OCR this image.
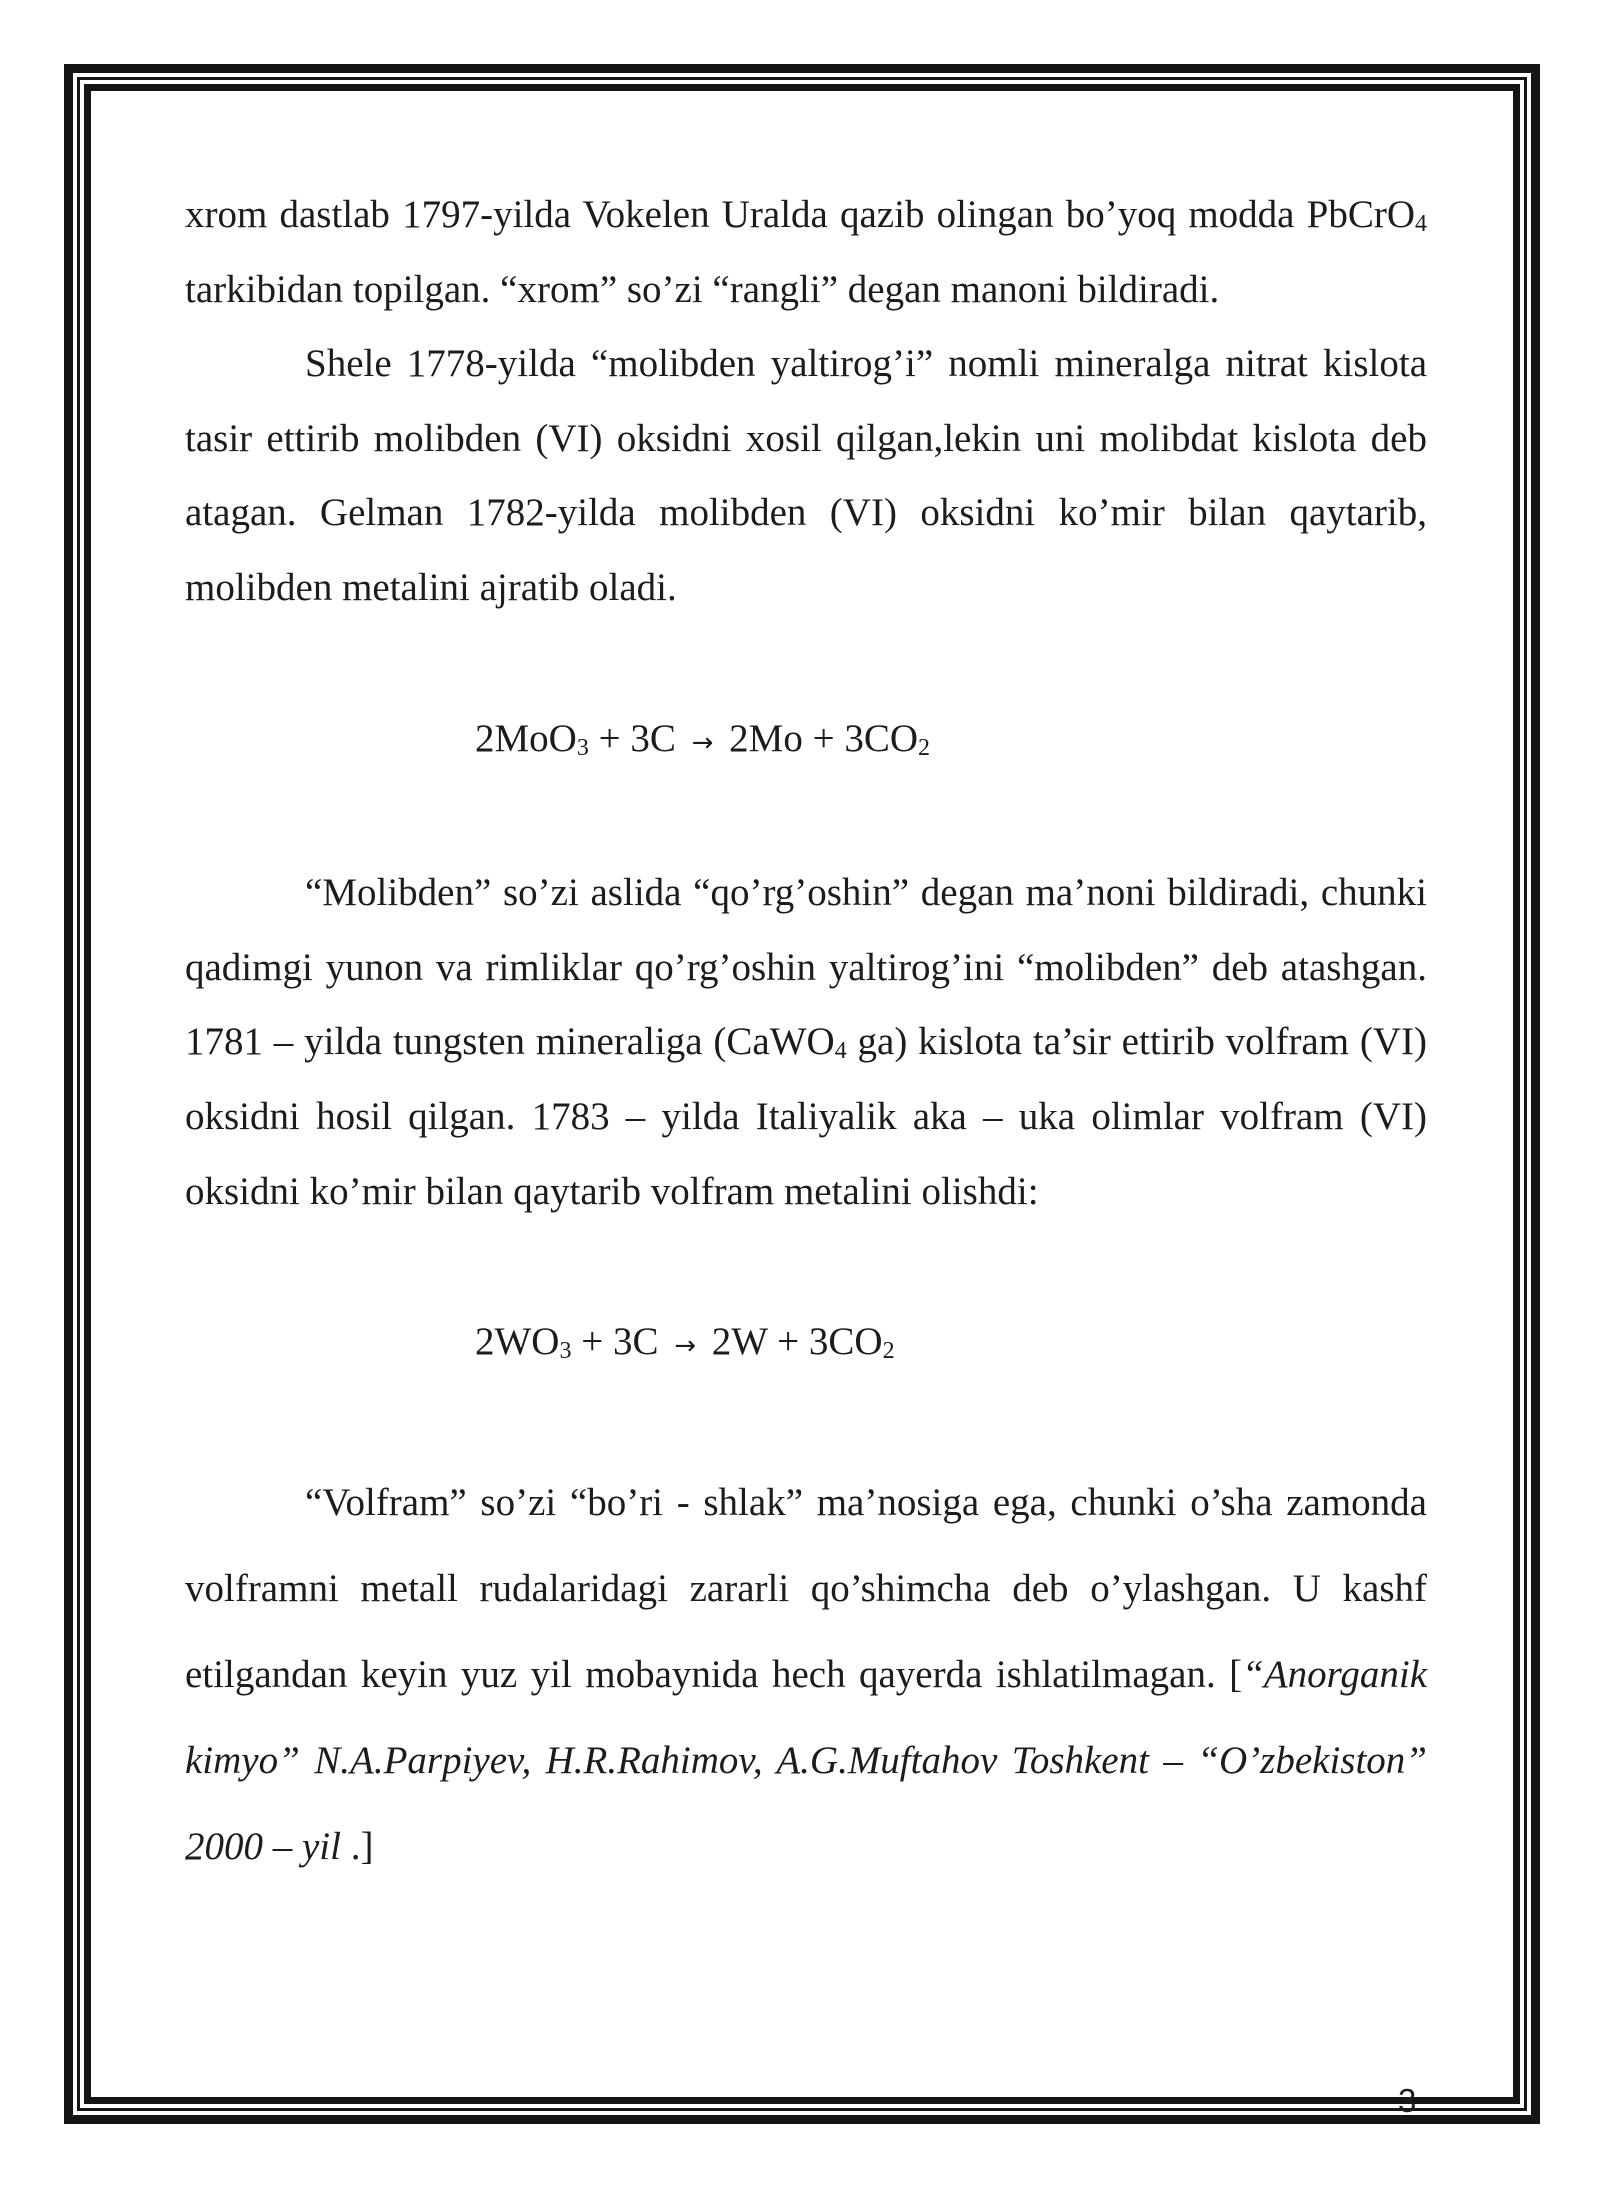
xrom dastlab 1797-yilda Vokelen Uralda qazib olingan bo’yoq modda PbCrO$_4$ tarkibidan topilgan. “xrom” so’zi “rangli” degan manoni bildiradi.

Shele 1778-yilda “molibden yaltirog’i” nomli mineralga nitrat kislota tasir ettirib molibden (VI) oksidni xosil qilgan,lekin uni molibdat kislota deb atagan. Gelman 1782-yilda molibden (VI) oksidni ko’mir bilan qaytarib, molibden metalini ajratib oladi.

$2MoO_3 + 3C \to 2Mo + 3CO_2$

“Molibden” so’zi aslida “qo’rg’oshin” degan ma’noni bildiradi, chunki qadimgi yunon va rimliklar qo’rg’oshin yaltirog’ini “molibden” deb atashgan. 1781 – yilda tungsten mineraliga (CaWO$_4$ ga) kislota ta’sir ettirib volfram (VI) oksidni hosil qilgan. 1783 – yilda Italiyalik aka – uka olimlar volfram (VI) oksidni ko’mir bilan qaytarib volfram metalini olishdi:

$2WO_3 + 3C \to 2W + 3CO_2$

“Volfram” so’zi “bo’ri - shlak” ma’nosiga ega, chunki o’sha zamonda volframni metall rudalaridagi zararli qo’shimcha deb o’ylashgan. U kashf etilgandan keyin yuz yil mobaynida hech qayerda ishlatilmagan. [“Anorganik kimyo” N.A.Parpiyev, H.R.Rahimov, A.G.Muftahov Toshkent – “O’zbekiston” 2000 – yil .]

3
